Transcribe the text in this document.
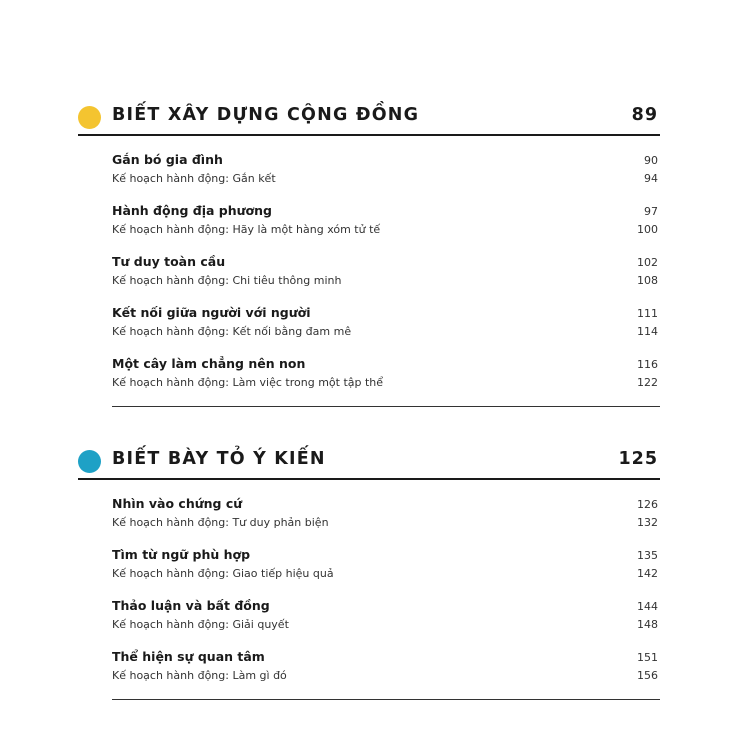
BIẾT XÂY DỰNG CỘNG ĐỒNG	89
Gắn bó gia đình	90
Kế hoạch hành động: Gắn kết	94
Hành động địa phương	97
Kế hoạch hành động: Hãy là một hàng xóm tử tế	100
Tư duy toàn cầu	102
Kế hoạch hành động: Chi tiêu thông minh	108
Kết nối giữa người với người	111
Kế hoạch hành động: Kết nối bằng đam mê	114
Một cây làm chẳng nên non	116
Kế hoạch hành động: Làm việc trong một tập thể	122
BIẾT BÀY TỎ Ý KIẾN	125
Nhìn vào chứng cứ	126
Kế hoạch hành động: Tư duy phản biện	132
Tìm từ ngữ phù hợp	135
Kế hoạch hành động: Giao tiếp hiệu quả	142
Thảo luận và bất đồng	144
Kế hoạch hành động: Giải quyết	148
Thể hiện sự quan tâm	151
Kế hoạch hành động: Làm gì đó	156
